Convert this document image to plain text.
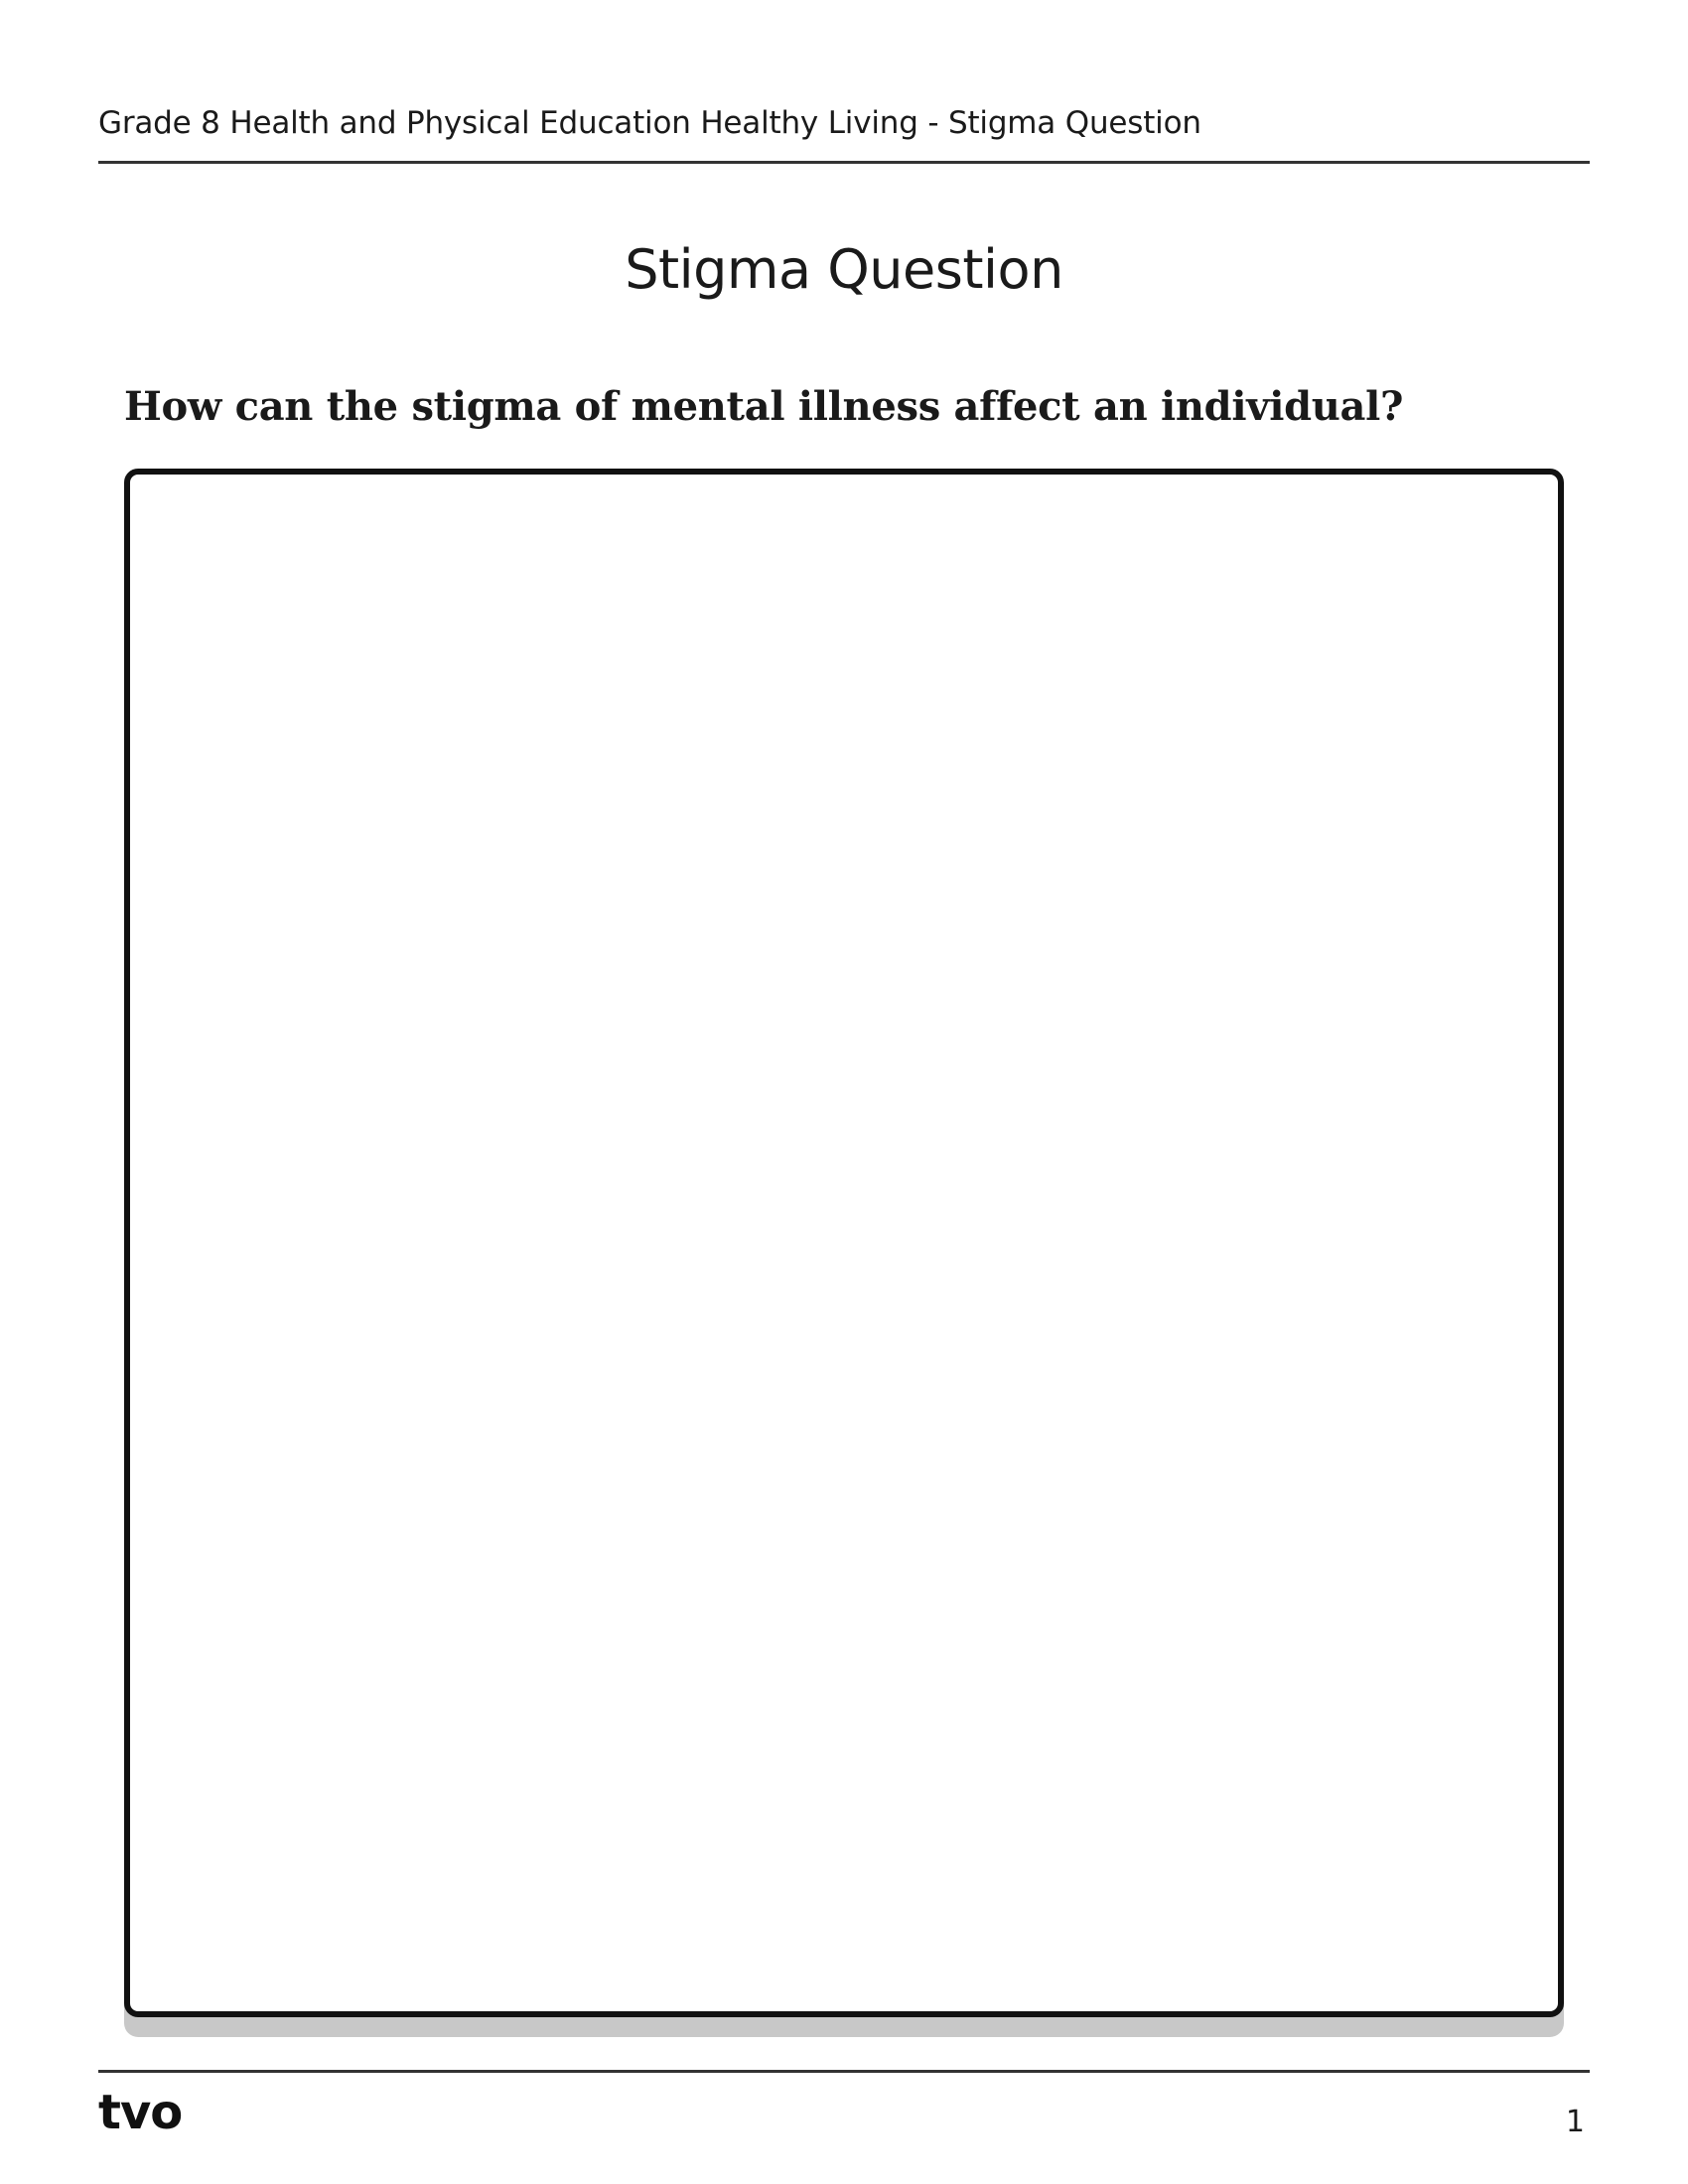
Grade 8 Health and Physical Education Healthy Living - Stigma Question
Stigma Question
How can the stigma of mental illness affect an individual?
tvo	1
